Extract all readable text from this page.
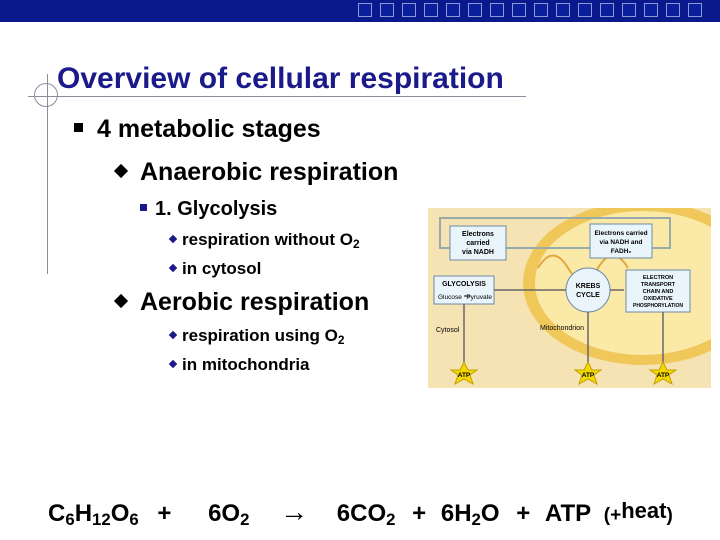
Overview of cellular respiration
4 metabolic stages
Anaerobic respiration
1. Glycolysis
respiration without $O_2$
in cytosol
Aerobic respiration
respiration using $O_2$
in mitochondria
Electrons
carried
via NADH
Electrons carried
via NADH and
FADH₂
GLYCOLYSIS
Glucose Pyruvate
KREBS
CYCLE
ELECTRON
TRANSPORT
CHAIN AND
OXIDATIVE
PHOSPHORYLATION
Cytosol	Mitochondrion
ATP	ATP	ATP
$C_6H_{12}O_6 + 6O_2 \to 6CO_2 + 6H_2O$ + ATP (+heat)
